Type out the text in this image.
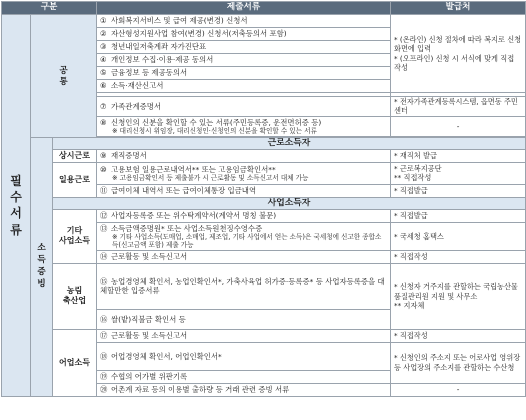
구분			제출서류	발급처

필
수
서
류	공
통		① 사회복지서비스 및 급여 제공(변경) 신청서	* (온라인) 신청 절차에 따라 복지로 신청 화면에 입력
* (오프라인) 신청 시 서식에 맞게 직접 작성
			② 자산형성지원사업 참여(변경) 신청서(저축등의서 포함)	
			③ 청년내일저축계좌 자가진단표	
			④ 개인정보 수집·이용·제공 동의서	
			⑤ 금융정보 등 제공동의서	
			⑥ 소득·재산신고서	

			⑦ 가족관계증명서	* 전자가족관계등록시스템, 읍면동 주민센터
			⑧ 신청인의 신분을 확인할 수 있는 서류(주민등록증, 운전면허증 등)
※ 대리신청시 위임장, 대리신청인·신청인의 신분을 확인할 수 있는 서류	-

	소
득
증
빙	근로소득자		
		상시근로	⑨ 재직증명서	* 재직처 발급
		일용근로	⑩ 고용보험 일용근로내역서** 또는 고용임금확인서**
※ 고용임금확인서 등 제출불가 시 근로활동 및 소득신고서 대체 가능	* 근로복지공단
** 직접작성
			⑪ 급여이체 내역서 또는 급여이체통장 입금내역	* 직접발급
		사업소득자		
		기타
사업소득	⑫ 사업자등록증 또는 위수탁계약서(계약서 명칭 불문)	* 직접발급
			⑬ 소득금액증명원* 또는 사업소득원천징수영수증
※ 기타 사업소득(도매업, 소매업, 제조업, 기타 사업에서 얻는 소득)은 국세청에 신고한 종합소득(신고금액 포함) 제출 가능	* 국세청 홈택스
			⑭ 근로활동 및 소득신고서	* 직접작성
		농림
축산업	⑮ 농업경영체 확인서, 농업인확인서*, 가축사육업 허가증·등록증* 등 사업자등록증을 대체할만한 입증서류	* 신청자 거주지를 관할하는 국립농산물품질관리원 지원 및 사무소
** 지자체
			⑯ 쌀(밭)직불금 확인서 등	
		어업소득	⑰ 근로활동 및 소득신고서	* 직접작성
			⑱ 어업경영체 확인서, 어업인확인서*	* 신청인의 주소지 또는 어로사업 영위장 등 사업장의 주소지를 관할하는 수산청
			⑲ 수협의 어가별 위판기록	
			⑳ 어촌계 자료 등의 이용별 출하량 등 거래 관련 증빙 서류	-
